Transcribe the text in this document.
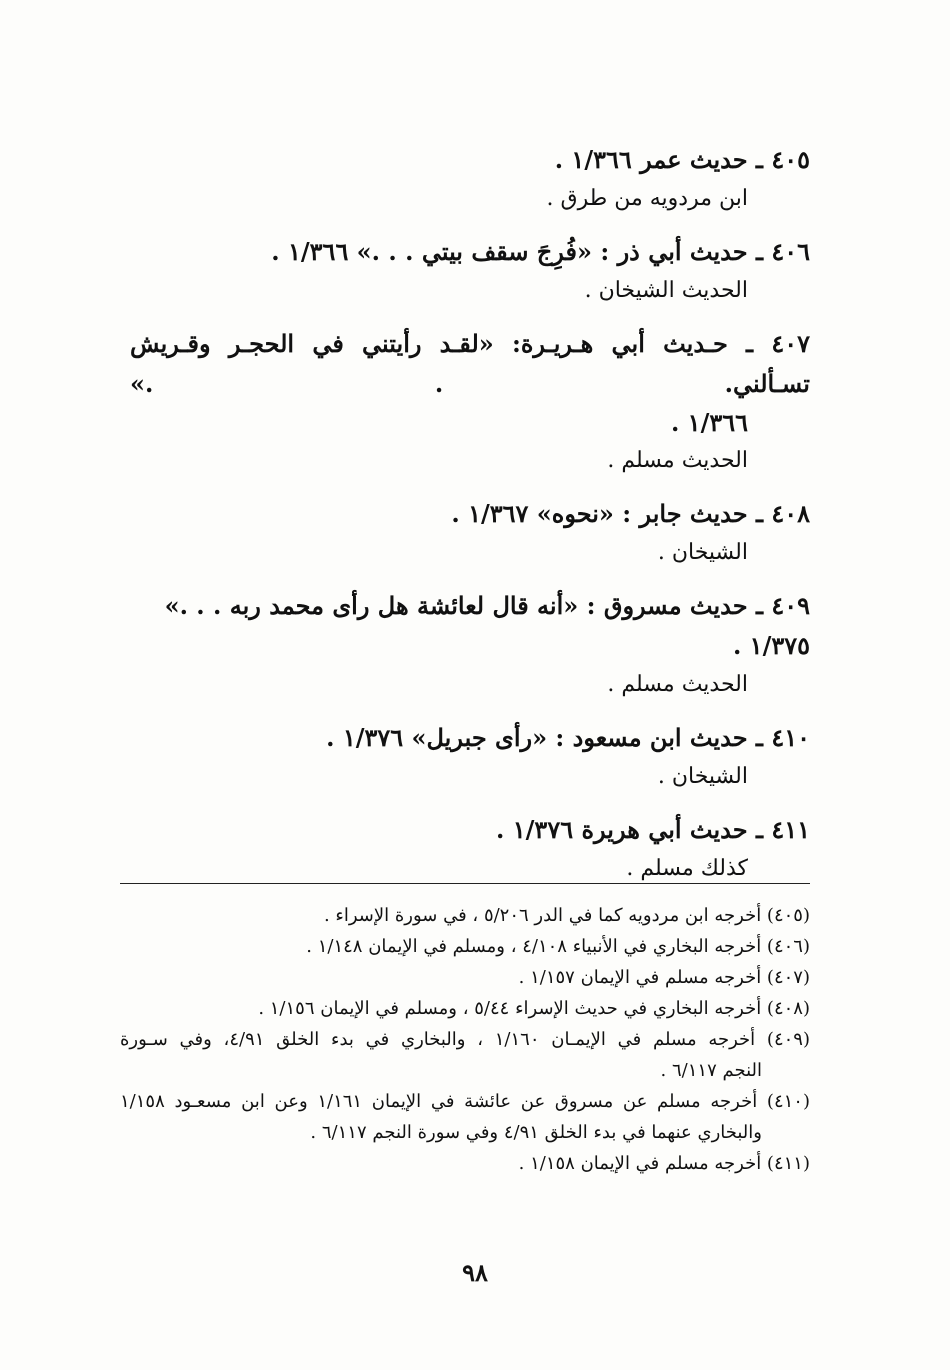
٤٠٥ ـ حديث عمر ١/٣٦٦ .
ابن مردويه من طرق .
٤٠٦ ـ حديث أبي ذر : «فُرِجَ سقف بيتي . . .» ١/٣٦٦ .
الحديث الشيخان .
٤٠٧ ـ حـديث أبي هـريـرة: «لقـد رأيتني في الحجـر وقـريش تسـألني. . .»
١/٣٦٦ .
الحديث مسلم .
٤٠٨ ـ حديث جابر : «نحوه» ١/٣٦٧ .
الشيخان .
٤٠٩ ـ حديث مسروق : «أنه قال لعائشة هل رأى محمد ربه . . .» ١/٣٧٥ .
الحديث مسلم .
٤١٠ ـ حديث ابن مسعود : «رأى جبريل» ١/٣٧٦ .
الشيخان .
٤١١ ـ حديث أبي هريرة ١/٣٧٦ .
كذلك مسلم .

(٤٠٥) أخرجه ابن مردويه كما في الدر ٥/٢٠٦ ، في سورة الإسراء .

(٤٠٦) أخرجه البخاري في الأنبياء ٤/١٠٨ ، ومسلم في الإيمان ١/١٤٨ .

(٤٠٧) أخرجه مسلم في الإيمان ١/١٥٧ .

(٤٠٨) أخرجه البخاري في حديث الإسراء ٥/٤٤ ، ومسلم في الإيمان ١/١٥٦ .

(٤٠٩) أخرجه مسلم في الإيمـان ١/١٦٠ ، والبخاري في بدء الخلق ٤/٩١، وفي سـورة

النجم ٦/١١٧ .

(٤١٠) أخرجه مسلم عن مسروق عن عائشة في الإيمان ١/١٦١ وعن ابن مسعـود ١/١٥٨

والبخاري عنهما في بدء الخلق ٤/٩١ وفي سورة النجم ٦/١١٧ .

(٤١١) أخرجه مسلم في الإيمان ١/١٥٨ .

٩٨
